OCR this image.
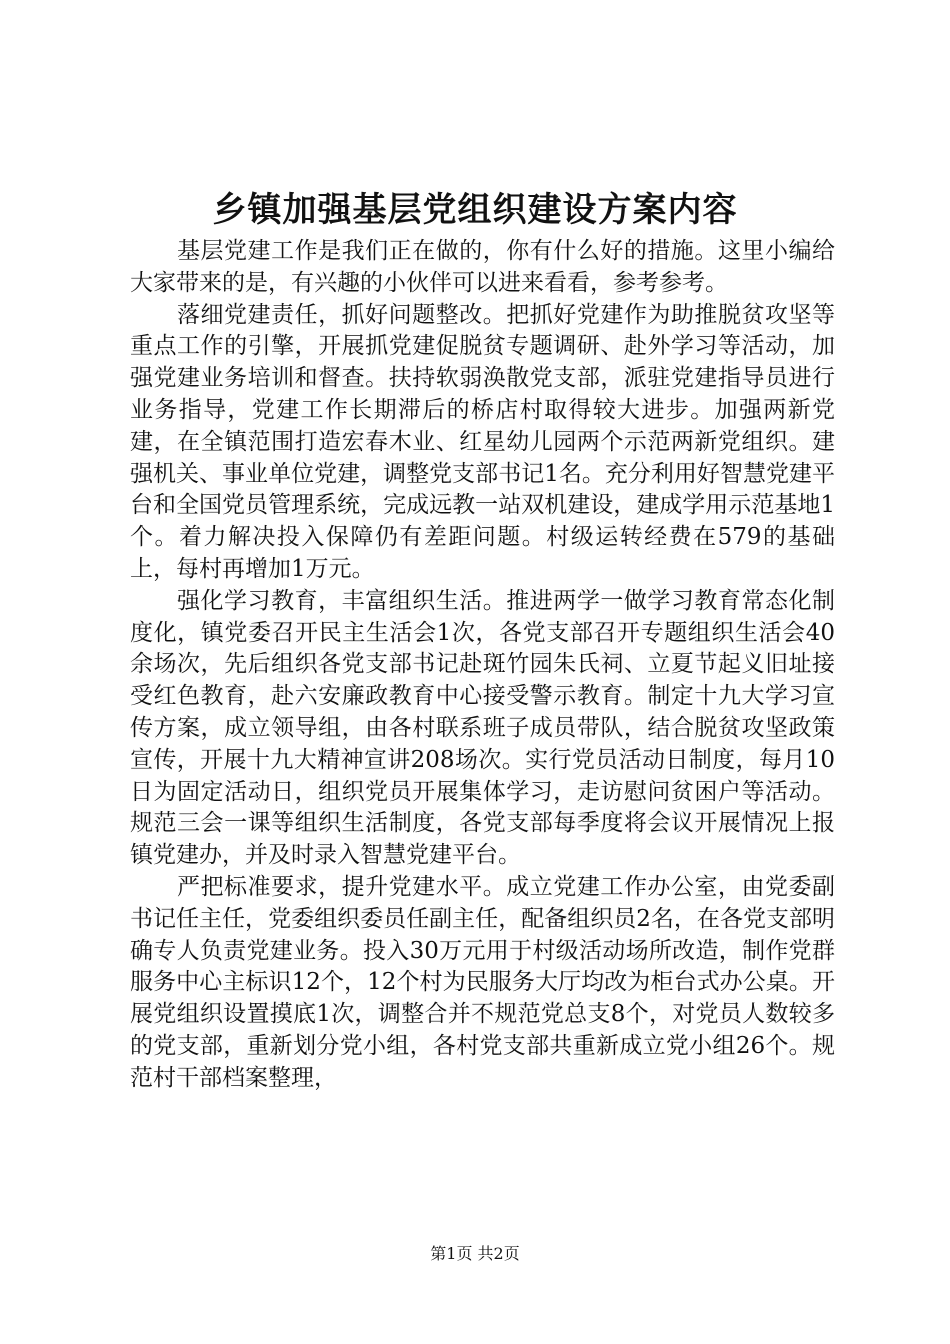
乡镇加强基层党组织建设方案内容

基层党建工作是我们正在做的，你有什么好的措施。这里小编给大家带来的是，有兴趣的小伙伴可以进来看看，参考参考。

落细党建责任，抓好问题整改。把抓好党建作为助推脱贫攻坚等重点工作的引擎，开展抓党建促脱贫专题调研、赴外学习等活动，加强党建业务培训和督查。扶持软弱涣散党支部，派驻党建指导员进行业务指导，党建工作长期滞后的桥店村取得较大进步。加强两新党建，在全镇范围打造宏春木业、红星幼儿园两个示范两新党组织。建强机关、事业单位党建，调整党支部书记1名。充分利用好智慧党建平台和全国党员管理系统，完成远教一站双机建设，建成学用示范基地1个。着力解决投入保障仍有差距问题。村级运转经费在579的基础上，每村再增加1万元。

强化学习教育，丰富组织生活。推进两学一做学习教育常态化制度化，镇党委召开民主生活会1次，各党支部召开专题组织生活会40余场次，先后组织各党支部书记赴斑竹园朱氏祠、立夏节起义旧址接受红色教育，赴六安廉政教育中心接受警示教育。制定十九大学习宣传方案，成立领导组，由各村联系班子成员带队，结合脱贫攻坚政策宣传，开展十九大精神宣讲208场次。实行党员活动日制度，每月10日为固定活动日，组织党员开展集体学习，走访慰问贫困户等活动。规范三会一课等组织生活制度，各党支部每季度将会议开展情况上报镇党建办，并及时录入智慧党建平台。

严把标准要求，提升党建水平。成立党建工作办公室，由党委副书记任主任，党委组织委员任副主任，配备组织员2名，在各党支部明确专人负责党建业务。投入30万元用于村级活动场所改造，制作党群服务中心主标识12个，12个村为民服务大厅均改为柜台式办公桌。开展党组织设置摸底1次，调整合并不规范党总支8个，对党员人数较多的党支部，重新划分党小组，各村党支部共重新成立党小组26个。规范村干部档案整理，

第1页 共2页
